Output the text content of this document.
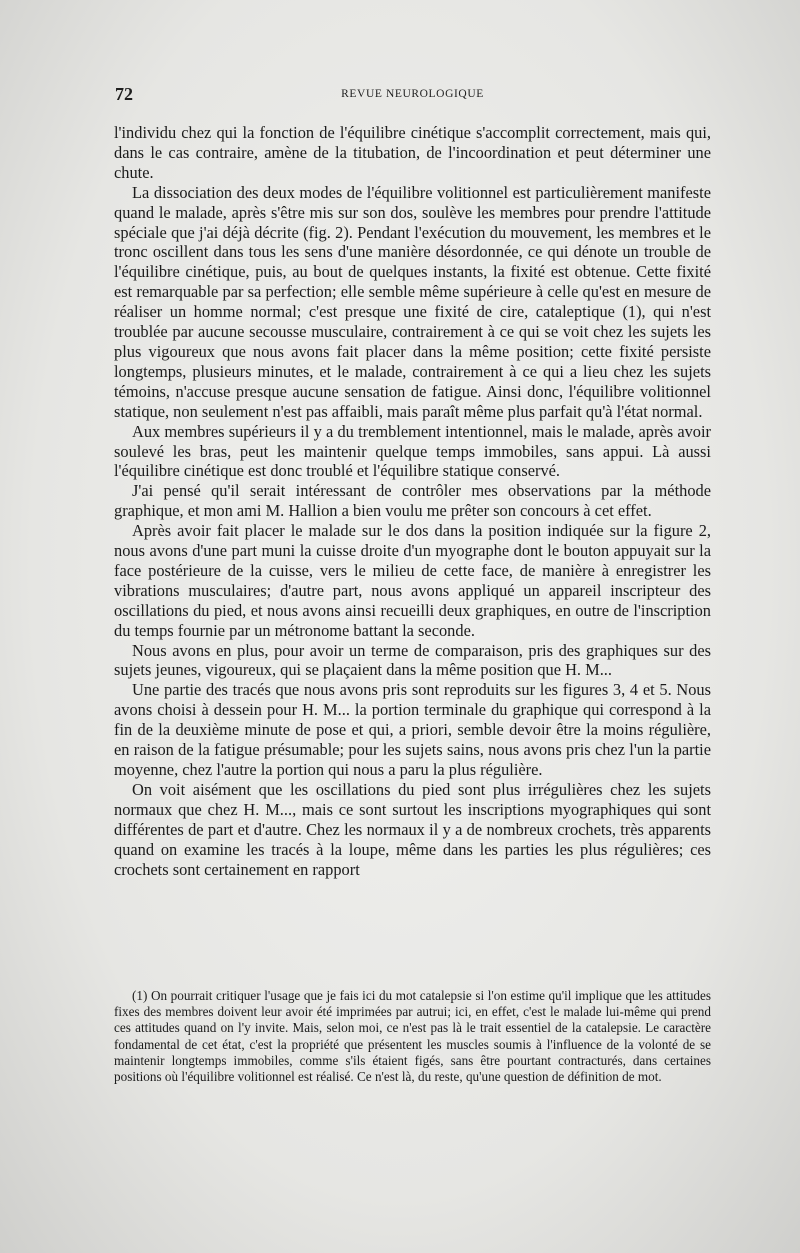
72	REVUE NEUROLOGIQUE

l'individu chez qui la fonction de l'équilibre cinétique s'accomplit correctement, mais qui, dans le cas contraire, amène de la titubation, de l'incoordination et peut déterminer une chute.

La dissociation des deux modes de l'équilibre volitionnel est particulièrement manifeste quand le malade, après s'être mis sur son dos, soulève les membres pour prendre l'attitude spéciale que j'ai déjà décrite (fig. 2). Pendant l'exécution du mouvement, les membres et le tronc oscillent dans tous les sens d'une manière désordonnée, ce qui dénote un trouble de l'équilibre cinétique, puis, au bout de quelques instants, la fixité est obtenue. Cette fixité est remarquable par sa perfection; elle semble même supérieure à celle qu'est en mesure de réaliser un homme normal; c'est presque une fixité de cire, cataleptique (1), qui n'est troublée par aucune secousse musculaire, contrairement à ce qui se voit chez les sujets les plus vigoureux que nous avons fait placer dans la même position; cette fixité persiste longtemps, plusieurs minutes, et le malade, contrairement à ce qui a lieu chez les sujets témoins, n'accuse presque aucune sensation de fatigue. Ainsi donc, l'équilibre volitionnel statique, non seulement n'est pas affaibli, mais paraît même plus parfait qu'à l'état normal.

Aux membres supérieurs il y a du tremblement intentionnel, mais le malade, après avoir soulevé les bras, peut les maintenir quelque temps immobiles, sans appui. Là aussi l'équilibre cinétique est donc troublé et l'équilibre statique conservé.

J'ai pensé qu'il serait intéressant de contrôler mes observations par la méthode graphique, et mon ami M. Hallion a bien voulu me prêter son concours à cet effet.

Après avoir fait placer le malade sur le dos dans la position indiquée sur la figure 2, nous avons d'une part muni la cuisse droite d'un myographe dont le bouton appuyait sur la face postérieure de la cuisse, vers le milieu de cette face, de manière à enregistrer les vibrations musculaires; d'autre part, nous avons appliqué un appareil inscripteur des oscillations du pied, et nous avons ainsi recueilli deux graphiques, en outre de l'inscription du temps fournie par un métronome battant la seconde.

Nous avons en plus, pour avoir un terme de comparaison, pris des graphiques sur des sujets jeunes, vigoureux, qui se plaçaient dans la même position que H. M...

Une partie des tracés que nous avons pris sont reproduits sur les figures 3, 4 et 5. Nous avons choisi à dessein pour H. M... la portion terminale du graphique qui correspond à la fin de la deuxième minute de pose et qui, a priori, semble devoir être la moins régulière, en raison de la fatigue présumable; pour les sujets sains, nous avons pris chez l'un la partie moyenne, chez l'autre la portion qui nous a paru la plus régulière.

On voit aisément que les oscillations du pied sont plus irrégulières chez les sujets normaux que chez H. M..., mais ce sont surtout les inscriptions myographiques qui sont différentes de part et d'autre. Chez les normaux il y a de nombreux crochets, très apparents quand on examine les tracés à la loupe, même dans les parties les plus régulières; ces crochets sont certainement en rapport

(1) On pourrait critiquer l'usage que je fais ici du mot catalepsie si l'on estime qu'il implique que les attitudes fixes des membres doivent leur avoir été imprimées par autrui; ici, en effet, c'est le malade lui-même qui prend ces attitudes quand on l'y invite. Mais, selon moi, ce n'est pas là le trait essentiel de la catalepsie. Le caractère fondamental de cet état, c'est la propriété que présentent les muscles soumis à l'influence de la volonté de se maintenir longtemps immobiles, comme s'ils étaient figés, sans être pourtant contracturés, dans certaines positions où l'équilibre volitionnel est réalisé. Ce n'est là, du reste, qu'une question de définition de mot.
